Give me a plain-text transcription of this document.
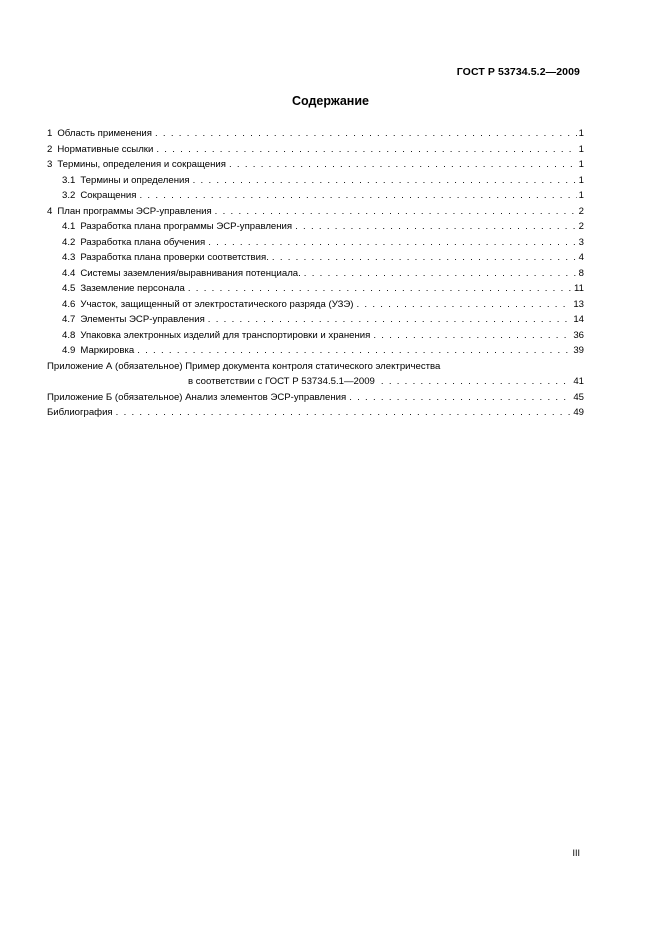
ГОСТ Р 53734.5.2—2009
Содержание
1 Область применения . . .	1
2 Нормативные ссылки . . .	1
3 Термины, определения и сокращения . . .	1
3.1 Термины и определения . . .	1
3.2 Сокращения . . .	1
4 План программы ЭСР-управления . . .	2
4.1 Разработка плана программы ЭСР-управления . . .	2
4.2 Разработка плана обучения . . .	3
4.3 Разработка плана проверки соответствия. . . .	4
4.4 Системы заземления/выравнивания потенциала. . . .	8
4.5 Заземление персонала . . .	11
4.6 Участок, защищенный от электростатического разряда (УЗЭ) . . .	13
4.7 Элементы ЭСР-управления . . .	14
4.8 Упаковка электронных изделий для транспортировки и хранения . . .	36
4.9 Маркировка . . .	39
Приложение А (обязательное) Пример документа контроля статического электричества
в соответствии с ГОСТ Р 53734.5.1—2009 . . .	41
Приложение Б (обязательное) Анализ элементов ЭСР-управления . . .	45
Библиография . . .	49
III
